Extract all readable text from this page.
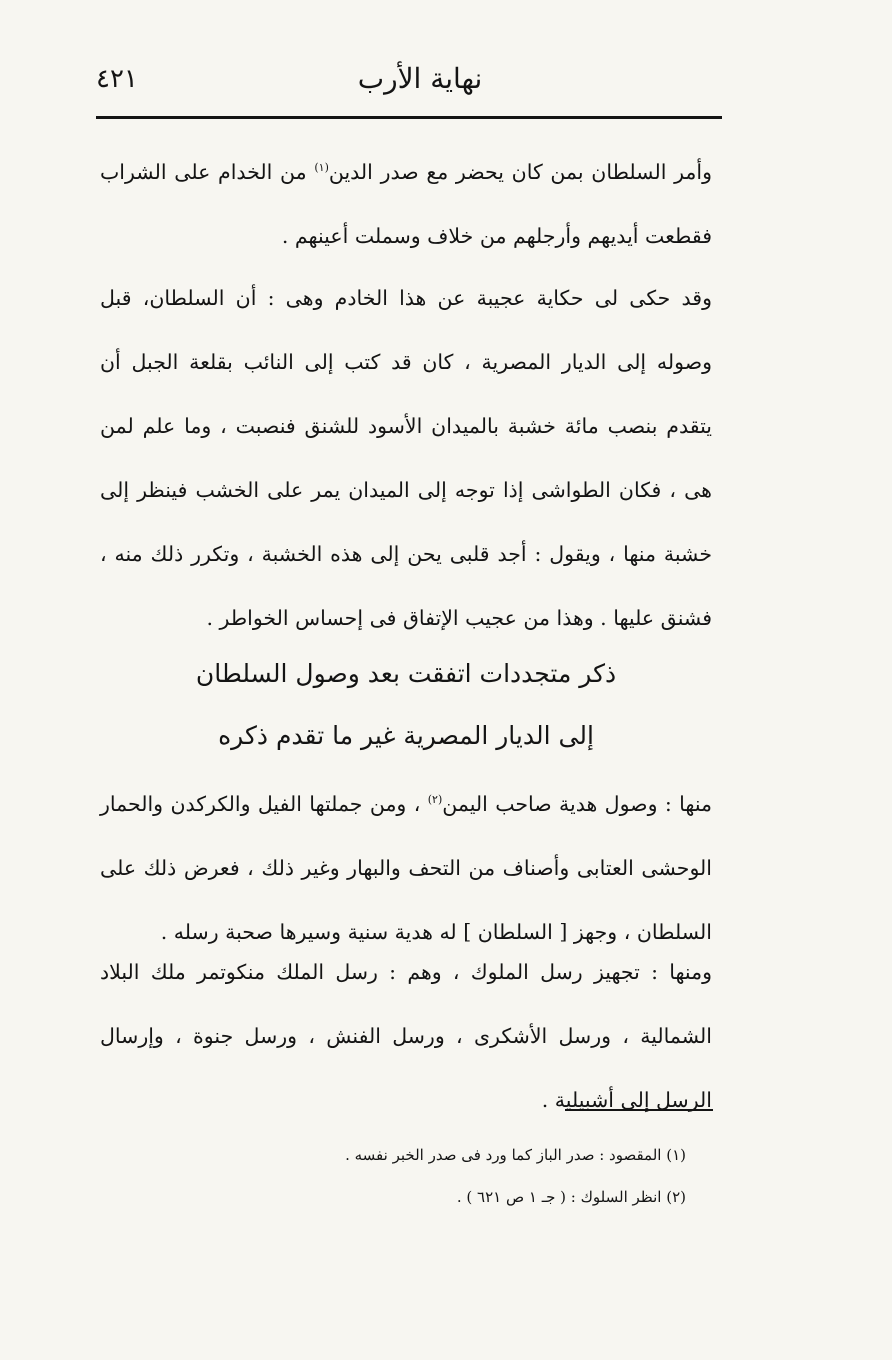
نهاية الأرب
٤٢١

وأمر السلطان بمن كان يحضر مع صدر الدين$^{(١)}$ من الخدام على الشراب فقطعت أيديهم وأرجلهم من خلاف وسملت أعينهم .

وقد حكى لى حكاية عجيبة عن هذا الخادم وهى : أن السلطان، قبل وصوله إلى الديار المصرية ، كان قد كتب إلى النائب بقلعة الجبل أن يتقدم بنصب مائة خشبة بالميدان الأسود للشنق فنصبت ، وما علم لمن هى ، فكان الطواشى إذا توجه إلى الميدان يمر على الخشب فينظر إلى خشبة منها ، ويقول : أجد قلبى يحن إلى هذه الخشبة ، وتكرر ذلك منه ، فشنق عليها . وهذا من عجيب الإتفاق فى إحساس الخواطر .

ذكر متجددات اتفقت بعد وصول السلطان
إلى الديار المصرية غير ما تقدم ذكره

منها : وصول هدية صاحب اليمن$^{(٢)}$ ، ومن جملتها الفيل والكركدن والحمار الوحشى العتابى وأصناف من التحف والبهار وغير ذلك ، فعرض ذلك على السلطان ، وجهز [ السلطان ] له هدية سنية وسيرها صحبة رسله .

ومنها : تجهيز رسل الملوك ، وهم : رسل الملك منكوتمر ملك البلاد الشمالية ، ورسل الأشكرى ، ورسل الفنش ، ورسل جنوة ، وإرسال الرسل إلى أشبيلية .

(١) المقصود : صدر الباز كما ورد فى صدر الخبر نفسه .

(٢) انظر السلوك : ( جـ ١ ص ٦٢١ ) .
